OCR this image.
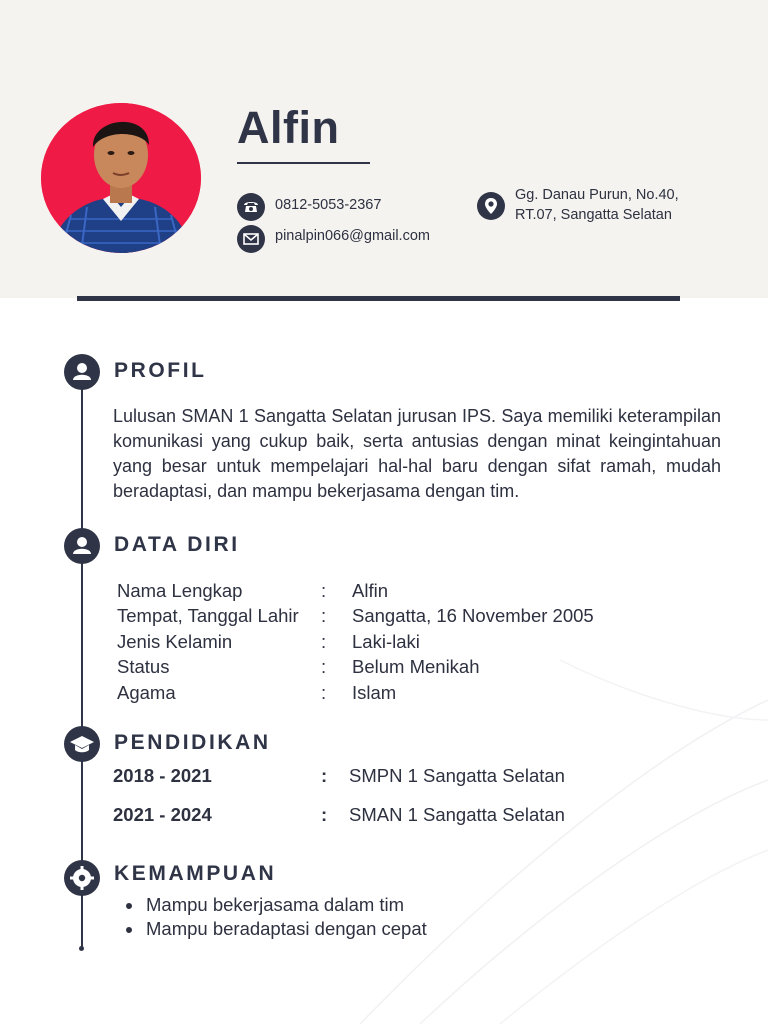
Alfin
0812-5053-2367
pinalpin066@gmail.com
Gg. Danau Purun, No.40,
RT.07, Sangatta Selatan
PROFIL
Lulusan SMAN 1 Sangatta Selatan jurusan IPS. Saya memiliki keterampilan komunikasi yang cukup baik, serta antusias dengan minat keingintahuan yang besar untuk mempelajari hal-hal baru dengan sifat ramah, mudah beradaptasi, dan mampu bekerjasama dengan tim.
DATA DIRI
Nama Lengkap	: Alfin
Tempat, Tanggal Lahir : Sangatta, 16 November 2005
Jenis Kelamin	: Laki-laki
Status	: Belum Menikah
Agama	: Islam
PENDIDIKAN
2018 - 2021	: SMPN 1 Sangatta Selatan
2021 - 2024	: SMAN 1 Sangatta Selatan
KEMAMPUAN
Mampu bekerjasama dalam tim
Mampu beradaptasi dengan cepat
